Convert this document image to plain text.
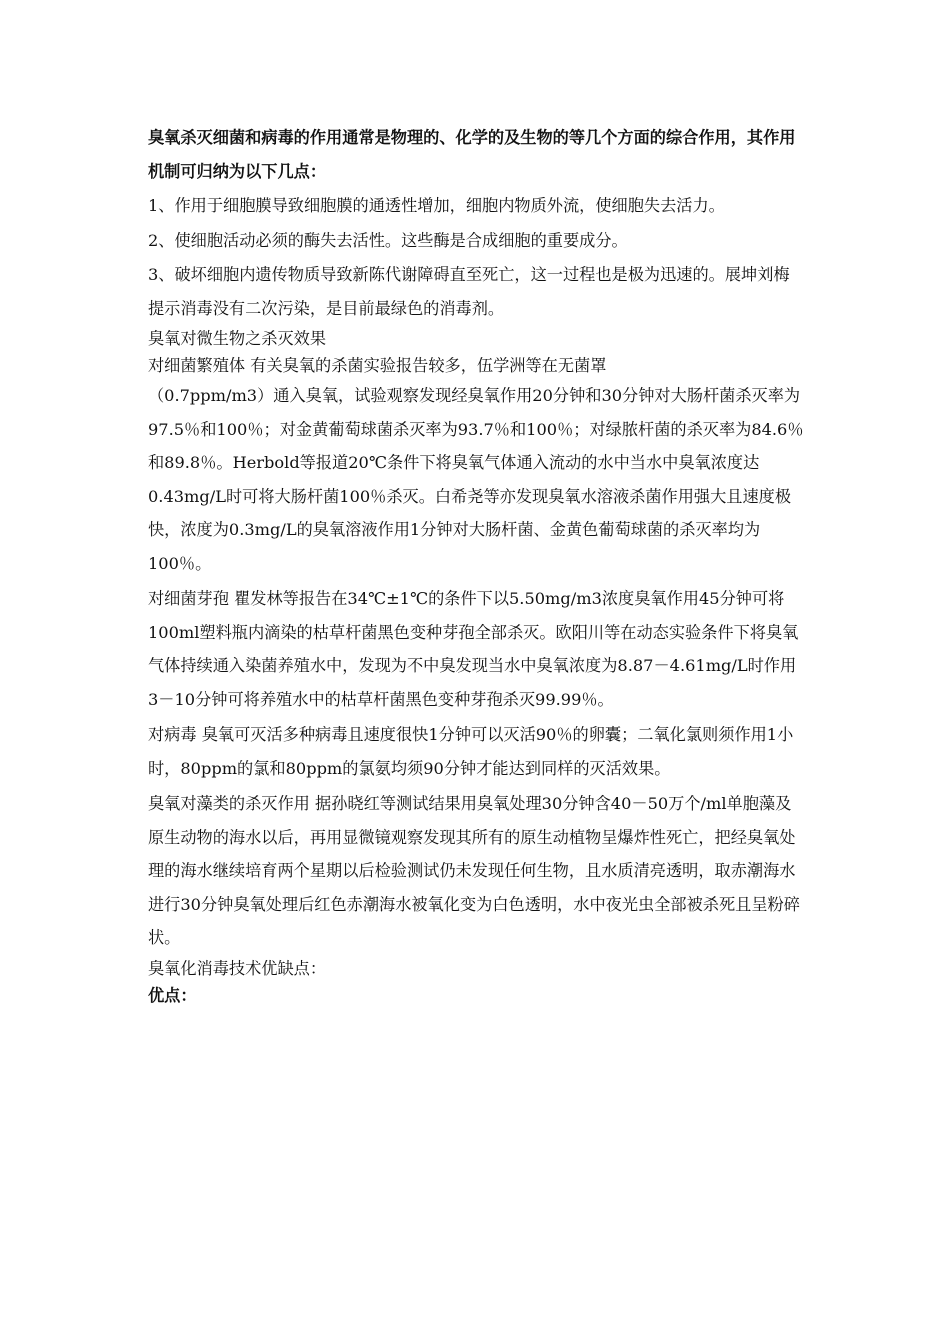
臭氧杀灭细菌和病毒的作用通常是物理的、化学的及生物的等几个方面的综合作用，其作用机制可归纳为以下几点：

1、作用于细胞膜导致细胞膜的通透性增加，细胞内物质外流，使细胞失去活力。

2、使细胞活动必须的酶失去活性。这些酶是合成细胞的重要成分。

3、破坏细胞内遗传物质导致新陈代谢障碍直至死亡，这一过程也是极为迅速的。展坤刘梅提示消毒没有二次污染，是目前最绿色的消毒剂。

臭氧对微生物之杀灭效果

对细菌繁殖体 有关臭氧的杀菌实验报告较多，伍学洲等在无菌罩

（0.7ppm/m3）通入臭氧，试验观察发现经臭氧作用20分钟和30分钟对大肠杆菌杀灭率为97.5％和100％；对金黄葡萄球菌杀灭率为93.7％和100％；对绿脓杆菌的杀灭率为84.6％和89.8％。Herbold等报道20℃条件下将臭氧气体通入流动的水中当水中臭氧浓度达0.43mg/L时可将大肠杆菌100％杀灭。白希尧等亦发现臭氧水溶液杀菌作用强大且速度极快，浓度为0.3mg/L的臭氧溶液作用1分钟对大肠杆菌、金黄色葡萄球菌的杀灭率均为100％。

对细菌芽孢 瞿发林等报告在34℃±1℃的条件下以5.50mg/m3浓度臭氧作用45分钟可将100ml塑料瓶内滴染的枯草杆菌黑色变种芽孢全部杀灭。欧阳川等在动态实验条件下将臭氧气体持续通入染菌养殖水中，发现为不中臭发现当水中臭氧浓度为8.87－4.61mg/L时作用3－10分钟可将养殖水中的枯草杆菌黑色变种芽孢杀灭99.99％。

对病毒 臭氧可灭活多种病毒且速度很快1分钟可以灭活90％的卵囊；二氧化氯则须作用1小时，80ppm的氯和80ppm的氯氨均须90分钟才能达到同样的灭活效果。

臭氧对藻类的杀灭作用 据孙晓红等测试结果用臭氧处理30分钟含40－50万个/ml单胞藻及原生动物的海水以后，再用显微镜观察发现其所有的原生动植物呈爆炸性死亡，把经臭氧处理的海水继续培育两个星期以后检验测试仍未发现任何生物，且水质清亮透明，取赤潮海水进行30分钟臭氧处理后红色赤潮海水被氧化变为白色透明，水中夜光虫全部被杀死且呈粉碎状。

臭氧化消毒技术优缺点：

优点：
